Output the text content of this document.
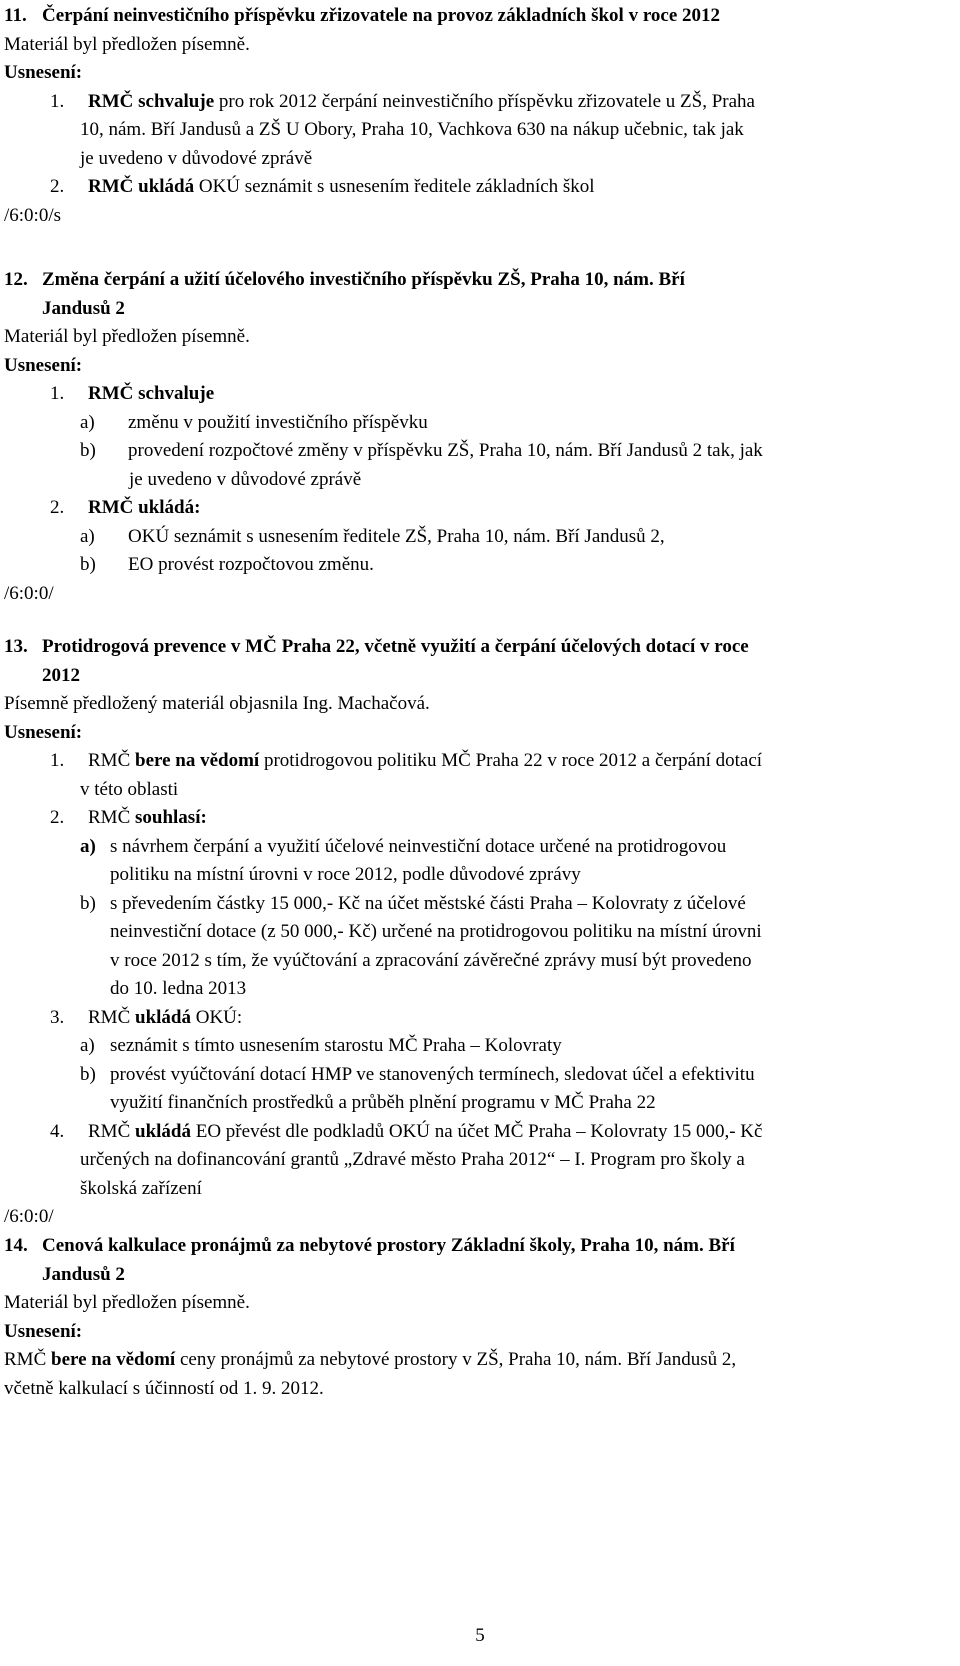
11. Čerpání neinvestičního příspěvku zřizovatele na provoz základních škol v roce 2012
Materiál byl předložen písemně.
Usnesení:
1. RMČ schvaluje pro rok 2012 čerpání neinvestičního příspěvku zřizovatele u ZŠ, Praha
10, nám. Bří Jandusů a ZŠ U Obory, Praha 10, Vachkova 630 na nákup učebnic, tak jak
je uvedeno v důvodové zprávě
2. RMČ ukládá OKÚ seznámit s usnesením ředitele základních škol
/6:0:0/s
12. Změna čerpání a užití účelového investičního příspěvku ZŠ, Praha 10, nám. Bří
Jandusů 2
Materiál byl předložen písemně.
Usnesení:
1. RMČ schvaluje
a) změnu v použití investičního příspěvku
b) provedení rozpočtové změny v příspěvku ZŠ, Praha 10, nám. Bří Jandusů 2 tak, jak
je uvedeno v důvodové zprávě
2. RMČ ukládá:
a) OKÚ seznámit s usnesením ředitele ZŠ, Praha 10, nám. Bří Jandusů 2,
b) EO provést rozpočtovou změnu.
/6:0:0/
13. Protidrogová prevence v MČ Praha 22, včetně využití a čerpání účelových dotací v roce
2012
Písemně předložený materiál objasnila Ing. Machačová.
Usnesení:
1. RMČ bere na vědomí protidrogovou politiku MČ Praha 22 v roce 2012 a čerpání dotací
v této oblasti
2. RMČ souhlasí:
a) s návrhem čerpání a využití účelové neinvestiční dotace určené na protidrogovou
politiku na místní úrovni v roce 2012, podle důvodové zprávy
b) s převedením částky 15 000,- Kč na účet městské části Praha – Kolovraty z účelové
neinvestiční dotace (z 50 000,- Kč) určené na protidrogovou politiku na místní úrovni
v roce 2012 s tím, že vyúčtování a zpracování závěrečné zprávy musí být provedeno
do 10. ledna 2013
3. RMČ ukládá OKÚ:
a) seznámit s tímto usnesením starostu MČ Praha – Kolovraty
b) provést vyúčtování dotací HMP ve stanovených termínech, sledovat účel a efektivitu
využití finančních prostředků a průběh plnění programu v MČ Praha 22
4. RMČ ukládá EO převést dle podkladů OKÚ na účet MČ Praha – Kolovraty 15 000,- Kč
určených na dofinancování grantů „Zdravé město Praha 2012“ – I. Program pro školy a
školská zařízení
/6:0:0/
14. Cenová kalkulace pronájmů za nebytové prostory Základní školy, Praha 10, nám. Bří
Jandusů 2
Materiál byl předložen písemně.
Usnesení:
RMČ bere na vědomí ceny pronájmů za nebytové prostory v ZŠ, Praha 10, nám. Bří Jandusů 2,
včetně kalkulací s účinností od 1. 9. 2012.
5
